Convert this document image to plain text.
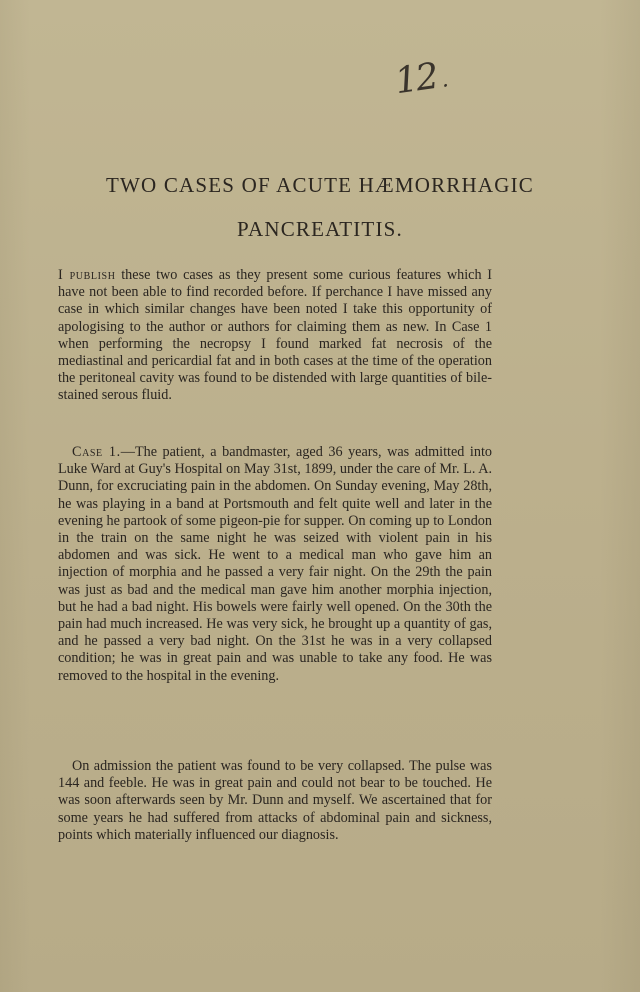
12.
TWO CASES OF ACUTE HÆMORRHAGIC
PANCREATITIS.
I publish these two cases as they present some curious features which I have not been able to find recorded before. If perchance I have missed any case in which similar changes have been noted I take this opportunity of apologising to the author or authors for claiming them as new. In Case 1 when performing the necropsy I found marked fat necrosis of the mediastinal and pericardial fat and in both cases at the time of the operation the peritoneal cavity was found to be distended with large quantities of bile-stained serous fluid.
Case 1.—The patient, a bandmaster, aged 36 years, was admitted into Luke Ward at Guy's Hospital on May 31st, 1899, under the care of Mr. L. A. Dunn, for excruciating pain in the abdomen. On Sunday evening, May 28th, he was playing in a band at Portsmouth and felt quite well and later in the evening he partook of some pigeon-pie for supper. On coming up to London in the train on the same night he was seized with violent pain in his abdomen and was sick. He went to a medical man who gave him an injection of morphia and he passed a very fair night. On the 29th the pain was just as bad and the medical man gave him another morphia injection, but he had a bad night. His bowels were fairly well opened. On the 30th the pain had much increased. He was very sick, he brought up a quantity of gas, and he passed a very bad night. On the 31st he was in a very collapsed condition; he was in great pain and was unable to take any food. He was removed to the hospital in the evening.
On admission the patient was found to be very collapsed. The pulse was 144 and feeble. He was in great pain and could not bear to be touched. He was soon afterwards seen by Mr. Dunn and myself. We ascertained that for some years he had suffered from attacks of abdominal pain and sickness, points which materially influenced our diagnosis.
